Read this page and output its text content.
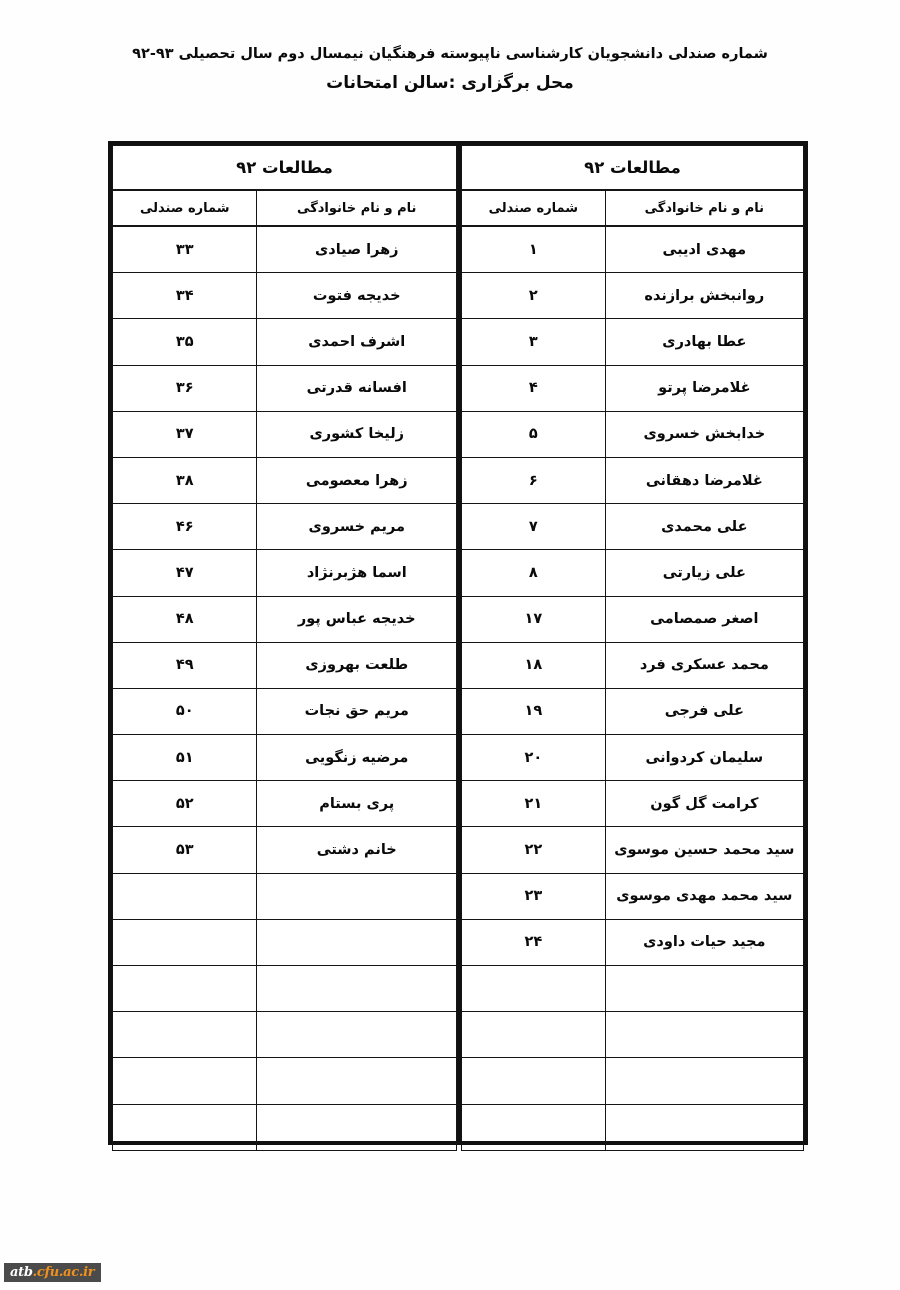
شماره صندلی دانشجویان کارشناسی ناپیوسته فرهنگیان نیمسال دوم سال تحصیلی ۹۳-۹۲
محل برگزاری :سالن امتحانات
مطالعات ۹۲	
نام و نام خانوادگی	شماره صندلی
مهدی ادیبی	۱
روانبخش برازنده	۲
عطا بهادری	۳
غلامرضا پرتو	۴
خدابخش خسروی	۵
غلامرضا دهقانی	۶
علی محمدی	۷
علی زیارتی	۸
اصغر صمصامی	۱۷
محمد عسکری فرد	۱۸
علی فرجی	۱۹
سلیمان کردوانی	۲۰
کرامت گل گون	۲۱
سید محمد حسین موسوی	۲۲
سید محمد مهدی موسوی	۲۳
مجید حیات داودی	۲۴

مطالعات ۹۲	
نام و نام خانوادگی	شماره صندلی
زهرا صیادی	۳۳
خدیجه فتوت	۳۴
اشرف احمدی	۳۵
افسانه قدرتی	۳۶
زلیخا کشوری	۳۷
زهرا معصومی	۳۸
مریم خسروی	۴۶
اسما هژبرنژاد	۴۷
خدیجه عباس پور	۴۸
طلعت بهروزی	۴۹
مریم حق نجات	۵۰
مرضیه زنگویی	۵۱
پری بستام	۵۲
خانم دشتی	۵۳

atb.cfu.ac.ir
